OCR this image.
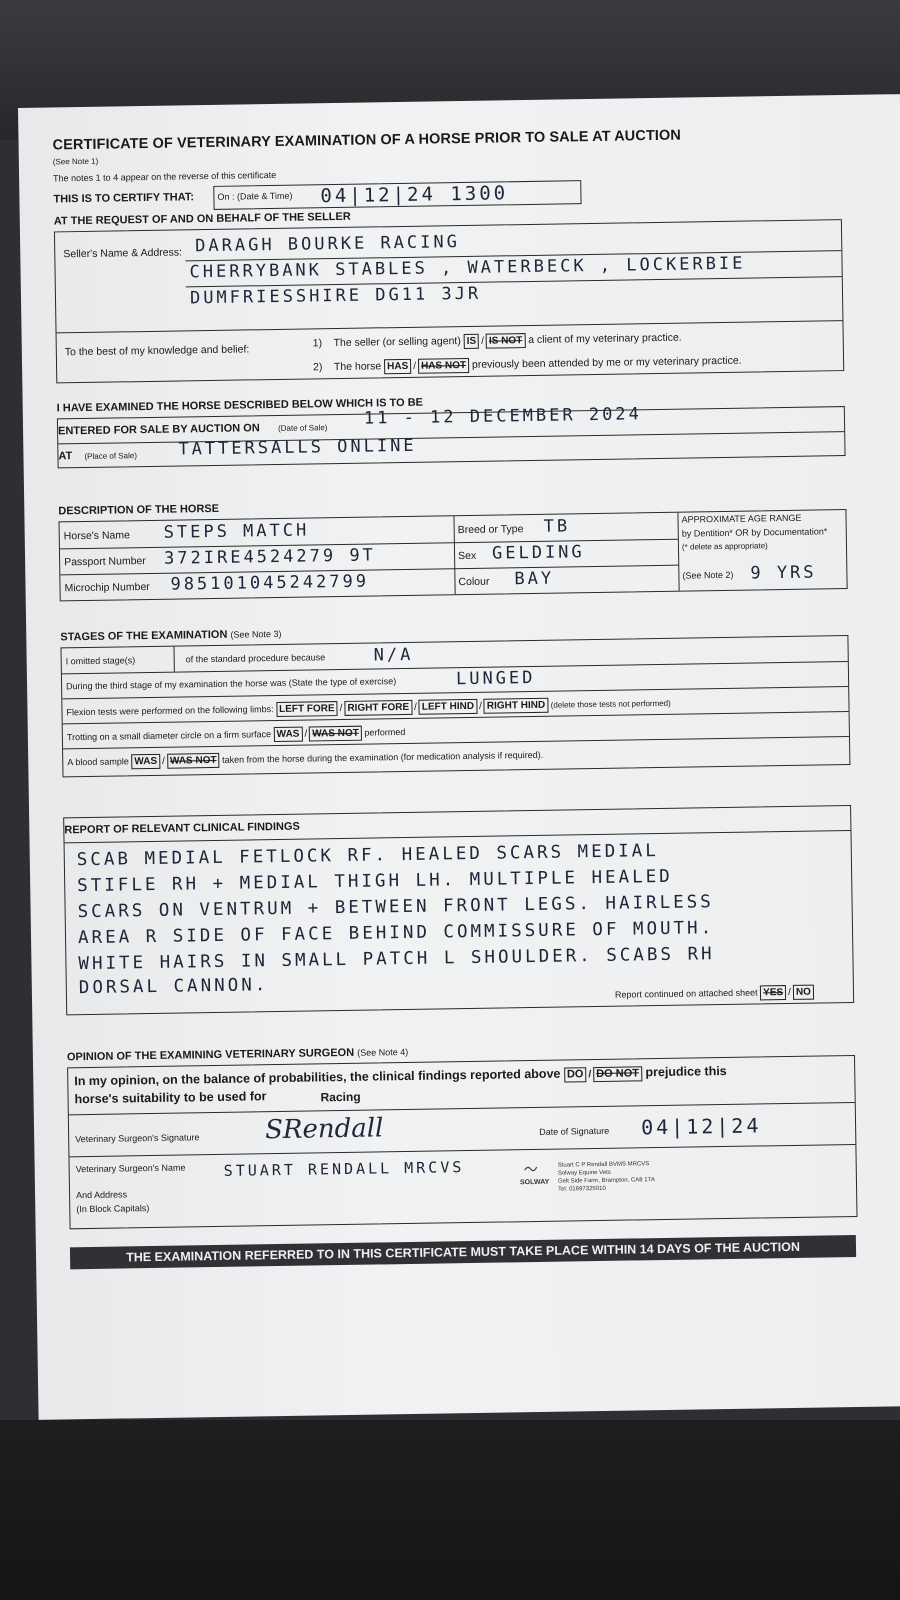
CERTIFICATE OF VETERINARY EXAMINATION OF A HORSE PRIOR TO SALE AT AUCTION
(See Note 1)
The notes 1 to 4 appear on the reverse of this certificate
THIS IS TO CERTIFY THAT:	On : (Date & Time) 04|12|24 1300
AT THE REQUEST OF AND ON BEHALF OF THE SELLER
Seller's Name & Address: DARAGH BOURKE RACING
CHERRYBANK STABLES , WATERBECK , LOCKERBIE
DUMFRIESSHIRE DG11 3JR
To the best of my knowledge and belief:
1) The seller (or selling agent) IS / IS NOT a client of my veterinary practice.
2) The horse HAS / HAS NOT previously been attended by me or my veterinary practice.
I HAVE EXAMINED THE HORSE DESCRIBED BELOW WHICH IS TO BE
ENTERED FOR SALE BY AUCTION ON (Date of Sale) 11 - 12 DECEMBER 2024
AT (Place of Sale) TATTERSALLS ONLINE
DESCRIPTION OF THE HORSE
Horse's Name STEPS MATCH
Passport Number 372IRE4524279 9T
Microchip Number 985101045242799
Breed or Type TB
Sex GELDING
Colour BAY
APPROXIMATE AGE RANGE
by Dentition* OR by Documentation*
(* delete as appropriate)
(See Note 2) 9 YRS
STAGES OF THE EXAMINATION (See Note 3)
I omitted stage(s)	of the standard procedure because	N/A
During the third stage of my examination the horse was (State the type of exercise)	LUNGED
Flexion tests were performed on the following limbs: LEFT FORE / RIGHT FORE / LEFT HIND / RIGHT HIND (delete those tests not performed)
Trotting on a small diameter circle on a firm surface WAS / WAS NOT performed
A blood sample WAS / WAS NOT taken from the horse during the examination (for medication analysis if required).
REPORT OF RELEVANT CLINICAL FINDINGS
SCAB MEDIAL FETLOCK RF. HEALED SCARS MEDIAL
STIFLE RH + MEDIAL THIGH LH. MULTIPLE HEALED
SCARS ON VENTRUM + BETWEEN FRONT LEGS. HAIRLESS
AREA R SIDE OF FACE BEHIND COMMISSURE OF MOUTH.
WHITE HAIRS IN SMALL PATCH L SHOULDER. SCABS RH
DORSAL CANNON.	Report continued on attached sheet YES / NO
OPINION OF THE EXAMINING VETERINARY SURGEON (See Note 4)
In my opinion, on the balance of probabilities, the clinical findings reported above DO / DO NOT prejudice this
horse's suitability to be used for	Racing
Veterinary Surgeon's Signature	SRendall	Date of Signature 04|12|24
Veterinary Surgeon's Name	STUART RENDALL MRCVS
And Address
(In Block Capitals)
SOLWAY
Stuart C P Rendall BVMS MRCVS
Solway Equine Vets
Gelt Side Farm, Brampton, CA8 1TA
Tel: 01697325010
THE EXAMINATION REFERRED TO IN THIS CERTIFICATE MUST TAKE PLACE WITHIN 14 DAYS OF THE AUCTION
